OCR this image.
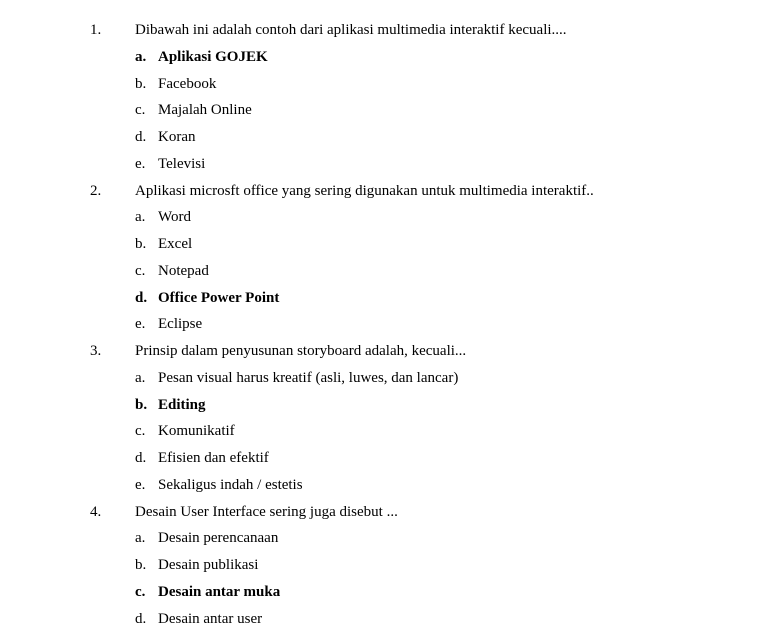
1. Dibawah ini adalah contoh dari aplikasi multimedia interaktif kecuali....
a. Aplikasi GOJEK
b. Facebook
c. Majalah Online
d. Koran
e. Televisi
2. Aplikasi microsft office yang sering digunakan untuk multimedia interaktif..
a. Word
b. Excel
c. Notepad
d. Office Power Point
e. Eclipse
3. Prinsip dalam penyusunan storyboard adalah, kecuali...
a. Pesan visual harus kreatif (asli, luwes, dan lancar)
b. Editing
c. Komunikatif
d. Efisien dan efektif
e. Sekaligus indah / estetis
4. Desain User Interface sering juga disebut ...
a. Desain perencanaan
b. Desain publikasi
c. Desain antar muka
d. Desain antar user
